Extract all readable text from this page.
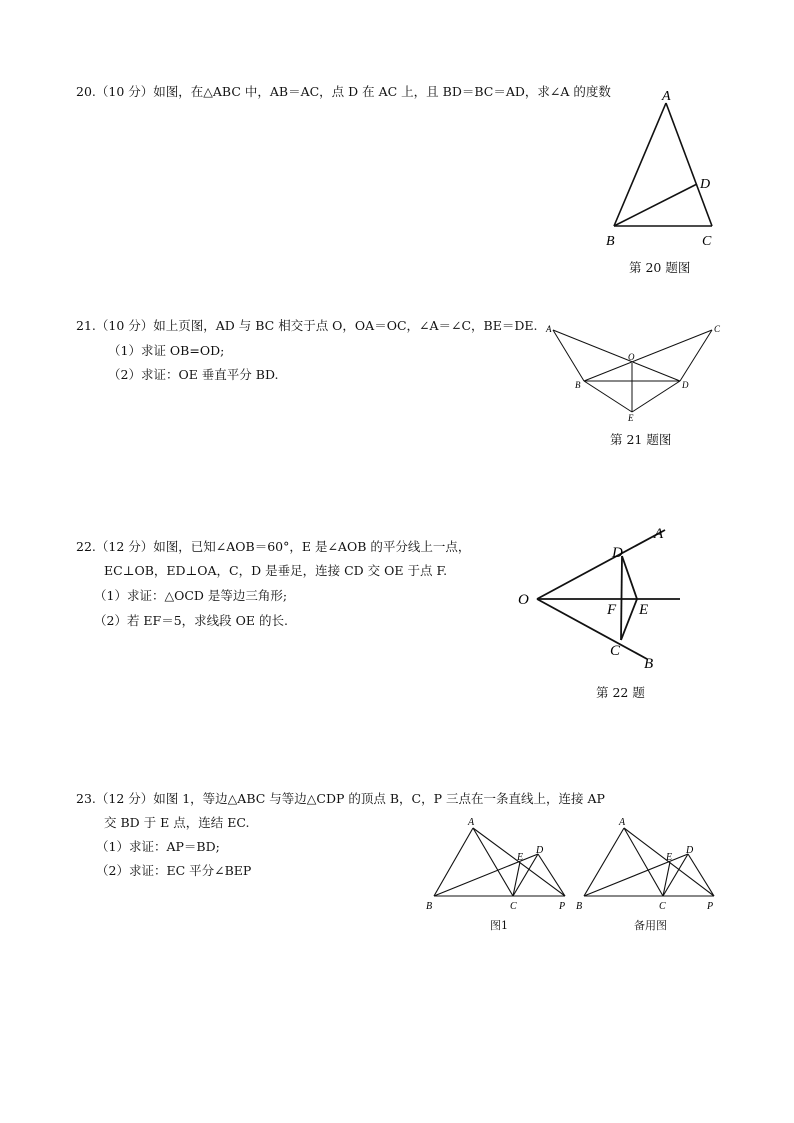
20.（10 分）如图，在△ABC 中，AB＝AC，点 D 在 AC 上，且 BD＝BC＝AD，求∠A 的度数	A
D
B	C
第 20 题图
21.（10 分）如上页图，AD 与 BC 相交于点 O，OA＝OC，∠A＝∠C，BE＝DE.
（1）求证 OB=OD;
（2）求证：OE 垂直平分 BD.
A	C
O
B	D
E
第 21 题图
22.（12 分）如图，已知∠AOB＝60°，E 是∠AOB 的平分线上一点，
EC⊥OB，ED⊥OA，C，D 是垂足，连接 CD 交 OE 于点 F.
（1）求证：△OCD 是等边三角形;
（2）若 EF＝5，求线段 OE 的长.
A
B
O
D
C
F E
第 22 题
23.（12 分）如图 1，等边△ABC 与等边△CDP 的顶点 B，C，P 三点在一条直线上，连接 AP
交 BD 于 E 点，连结 EC.
（1）求证：AP＝BD;
（2）求证：EC 平分∠BEP
A
E
D
B	C	P
图1
A
E
D
B	C	P
备用图
